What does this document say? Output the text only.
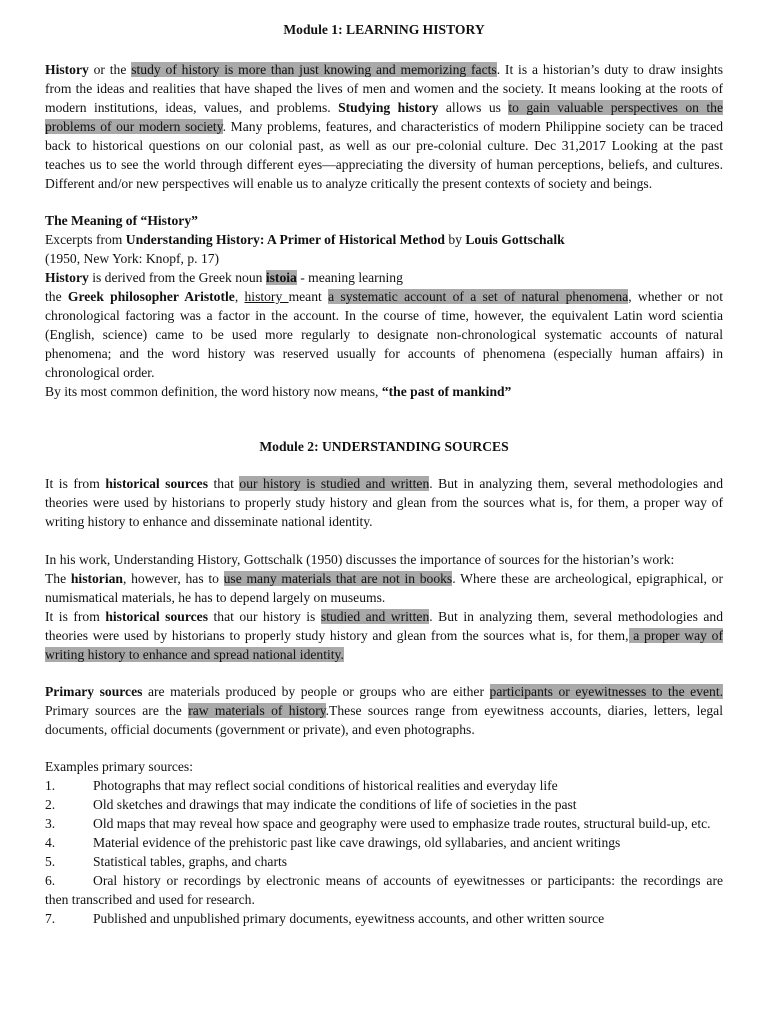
Module 1: LEARNING HISTORY
History or the study of history is more than just knowing and memorizing facts. It is a historian’s duty to draw insights
from the ideas and realities that have shaped the lives of men and women and the society. It means looking at the roots of
modern institutions, ideas, values, and problems. Studying history allows us to gain valuable perspectives on the
problems of our modern society. Many problems, features, and characteristics of modern Philippine society can be traced
back to historical questions on our colonial past, as well as our pre-colonial culture. Dec 31,2017 Looking at the past
teaches us to see the world through different eyes—appreciating the diversity of human perceptions, beliefs, and cultures.
Different and/or new perspectives will enable us to analyze critically the present contexts of society and beings.
The Meaning of “History”
Excerpts from Understanding History: A Primer of Historical Method by Louis Gottschalk
(1950, New York: Knopf, p. 17)
History is derived from the Greek noun istoia - meaning learning
the Greek philosopher Aristotle, history meant a systematic account of a set of natural phenomena, whether or not
chronological factoring was a factor in the account. In the course of time, however, the equivalent Latin word scientia
(English, science) came to be used more regularly to designate non-chronological systematic accounts of natural
phenomena; and the word history was reserved usually for accounts of phenomena (especially human affairs) in
chronological order.
By its most common definition, the word history now means, “the past of mankind”
Module 2: UNDERSTANDING SOURCES
It is from historical sources that our history is studied and written. But in analyzing them, several methodologies and
theories were used by historians to properly study history and glean from the sources what is, for them, a proper way of
writing history to enhance and disseminate national identity.
In his work, Understanding History, Gottschalk (1950) discusses the importance of sources for the historian’s work:
The historian, however, has to use many materials that are not in books. Where these are archeological, epigraphical, or
numismatical materials, he has to depend largely on museums.
It is from historical sources that our history is studied and written. But in analyzing them, several methodologies and
theories were used by historians to properly study history and glean from the sources what is, for them, a proper way of
writing history to enhance and spread national identity.
Primary sources are materials produced by people or groups who are either participants or eyewitnesses to the event.
Primary sources are the raw materials of history.These sources range from eyewitness accounts, diaries, letters, legal
documents, official documents (government or private), and even photographs.
Examples primary sources:
1.	Photographs that may reflect social conditions of historical realities and everyday life
2.	Old sketches and drawings that may indicate the conditions of life of societies in the past
3.	Old maps that may reveal how space and geography were used to emphasize trade routes, structural build-up, etc.
4.	Material evidence of the prehistoric past like cave drawings, old syllabaries, and ancient writings
5.	Statistical tables, graphs, and charts
6.	Oral history or recordings by electronic means of accounts of eyewitnesses or participants: the recordings are
then transcribed and used for research.
7.	Published and unpublished primary documents, eyewitness accounts, and other written source
